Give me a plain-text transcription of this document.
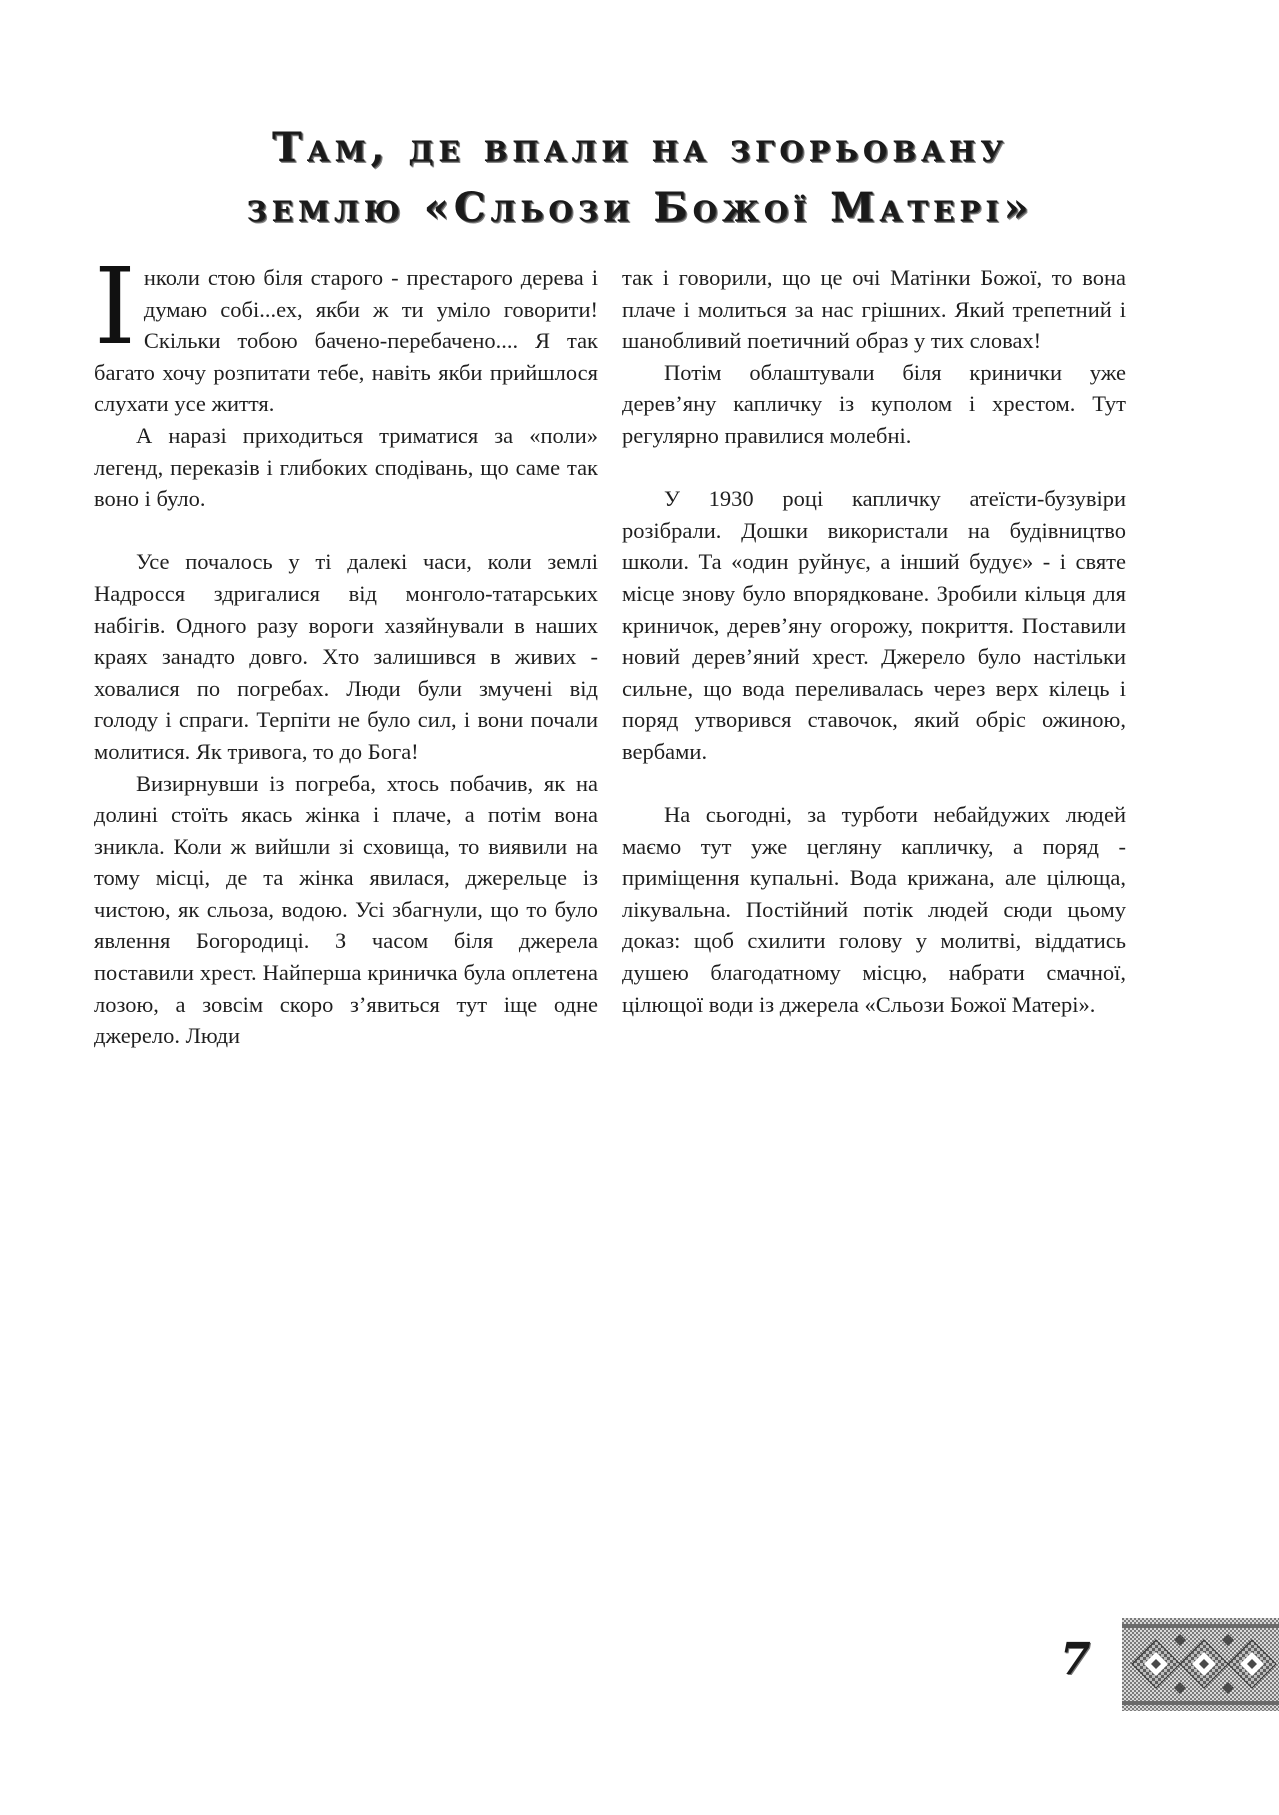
Там, де впали на згорьовану
землю «Сльози Божої Матері»

Інколи стою біля старого - престарого дерева і думаю собі...ех, якби ж ти уміло говорити! Скільки тобою бачено-перебачено.... Я так багато хочу розпитати тебе, навіть якби прийшлося слухати усе життя.

А наразі приходиться триматися за «поли» легенд, переказів і глибоких сподівань, що саме так воно і було.

Усе почалось у ті далекі часи, коли землі Надросся здригалися від монголо-татарських набігів. Одного разу вороги хазяйнували в наших краях занадто довго. Хто залишився в живих - ховалися по погребах. Люди були змучені від голоду і спраги. Терпіти не було сил, і вони почали молитися. Як тривога, то до Бога!

Визирнувши із погреба, хтось побачив, як на долині стоїть якась жінка і плаче, а потім вона зникла. Коли ж вийшли зі сховища, то виявили на тому місці, де та жінка явилася, джерельце із чистою, як сльоза, водою. Усі збагнули, що то було явлення Богородиці. З часом біля джерела поставили хрест. Найперша криничка була оплетена лозою, а зовсім скоро з’явиться тут іще одне джерело. Люди

так і говорили, що це очі Матінки Божої, то вона плаче і молиться за нас грішних. Який трепетний і шанобливий поетичний образ у тих словах!

Потім облаштували біля кринички уже дерев’яну капличку із куполом і хрестом. Тут регулярно правилися молебні.

У 1930 році капличку атеїсти-бузувіри розібрали. Дошки використали на будівництво школи. Та «один руйнує, а інший будує» - і святе місце знову було впорядковане. Зробили кільця для криничок, дерев’яну огорожу, покриття. Поставили новий дерев’яний хрест. Джерело було настільки сильне, що вода переливалась через верх кілець і поряд утворився ставочок, який обріс ожиною, вербами.

На сьогодні, за турботи небайдужих людей маємо тут уже цегляну капличку, а поряд - приміщення купальні. Вода крижана, але цілюща, лікувальна. Постійний потік людей сюди цьому доказ: щоб схилити голову у молитві, віддатись душею благодатному місцю, набрати смачної, цілющої води із джерела «Сльози Божої Матері».

7
